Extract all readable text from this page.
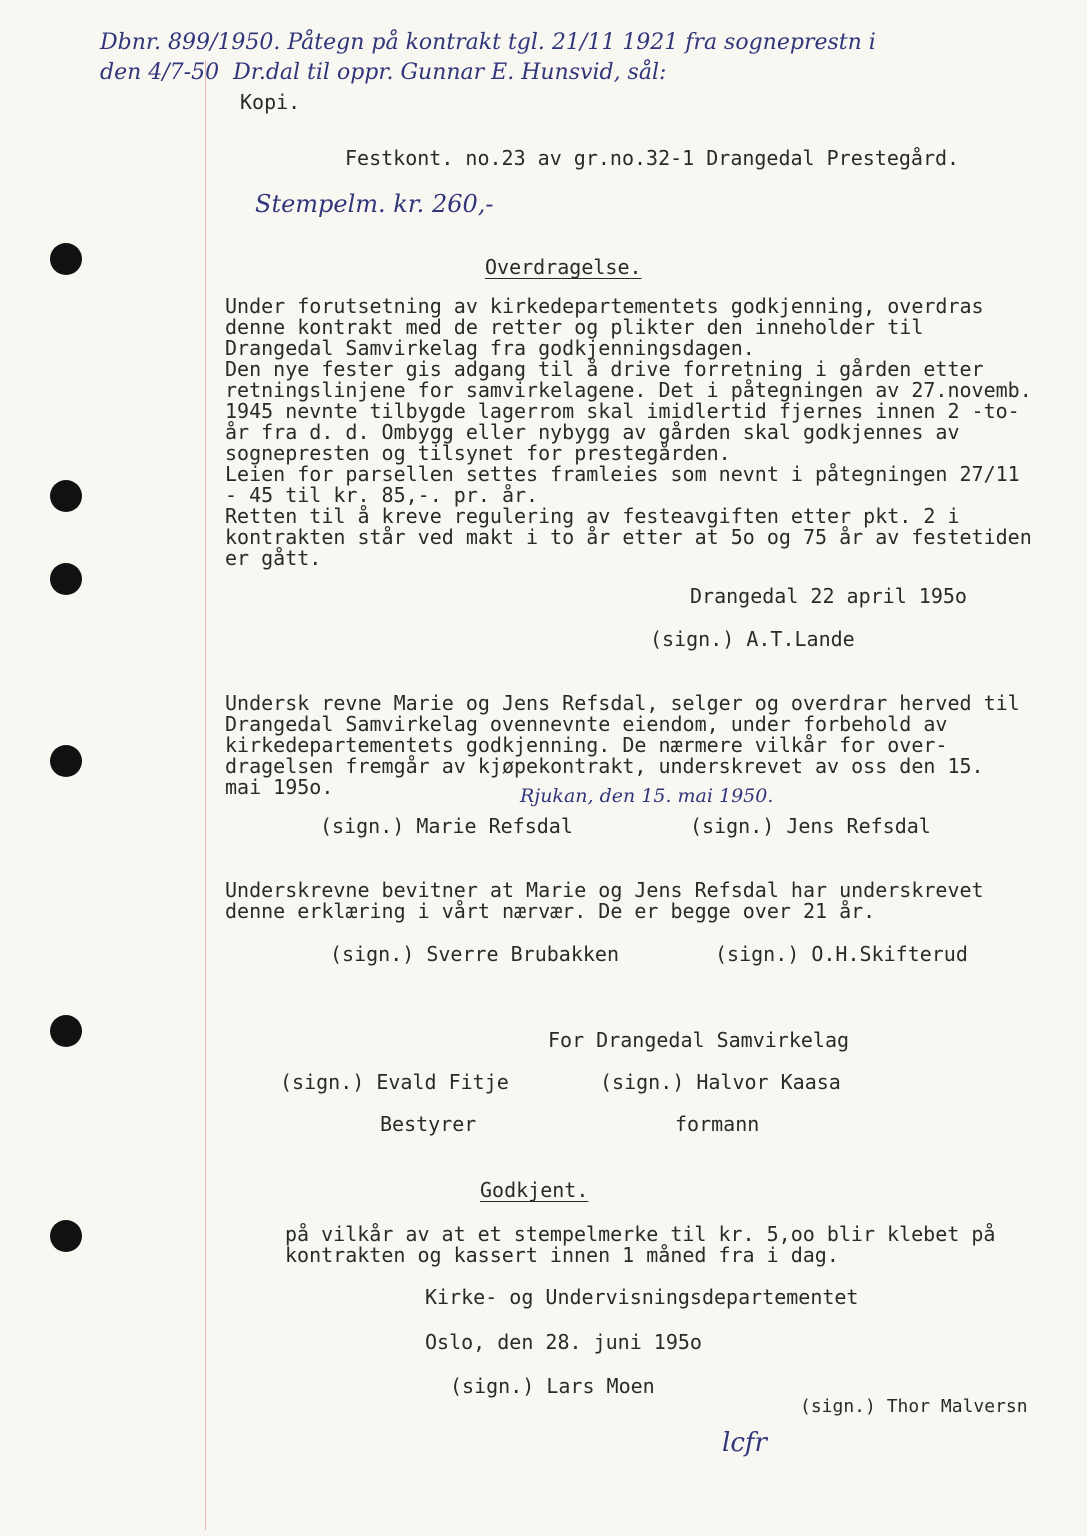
Dbnr. 899/1950. Påtegn på kontrakt tgl. 21/11 1921 fra sogneprestn i
den 4/7-50  Dr.dal til oppr. Gunnar E. Hunsvid, sål:
Kopi.
Festkont. no.23 av gr.no.32-1 Drangedal Prestegård.
Stempelm. kr. 260,-
Overdragelse.
Under forutsetning av kirkedepartementets godkjenning, overdras
denne kontrakt med de retter og plikter den inneholder til
Drangedal Samvirkelag fra godkjenningsdagen.
Den nye fester gis adgang til å drive forretning i gården etter
retningslinjene for samvirkelagene. Det i påtegningen av 27.novemb.
1945 nevnte tilbygde lagerrom skal imidlertid fjernes innen 2 -to-
år fra d. d. Ombygg eller nybygg av gården skal godkjennes av
sognepresten og tilsynet for prestegården.
Leien for parsellen settes framleies som nevnt i påtegningen 27/11
- 45 til kr. 85,-. pr. år.
Retten til å kreve regulering av festeavgiften etter pkt. 2 i
kontrakten står ved makt i to år etter at 5o og 75 år av festetiden
er gått.
Drangedal 22 april 195o
(sign.) A.T.Lande
Undersk revne Marie og Jens Refsdal, selger og overdrar herved til
Drangedal Samvirkelag ovennevnte eiendom, under forbehold av
kirkedepartementets godkjenning. De nærmere vilkår for over-
dragelsen fremgår av kjøpekontrakt, underskrevet av oss den 15.
mai 195o.	Rjukan, den 15. mai 1950.
(sign.) Marie Refsdal	(sign.) Jens Refsdal
Underskrevne bevitner at Marie og Jens Refsdal har underskrevet
denne erklæring i vårt nærvær. De er begge over 21 år.
(sign.) Sverre Brubakken	(sign.) O.H.Skifterud
For Drangedal Samvirkelag
(sign.) Evald Fitje	(sign.) Halvor Kaasa
Bestyrer	formann
Godkjent.
på vilkår av at et stempelmerke til kr. 5,oo blir klebet på
kontrakten og kassert innen 1 måned fra i dag.
Kirke- og Undervisningsdepartementet
Oslo, den 28. juni 195o
(sign.) Lars Moen
(sign.) Thor Malversn
lcfr
